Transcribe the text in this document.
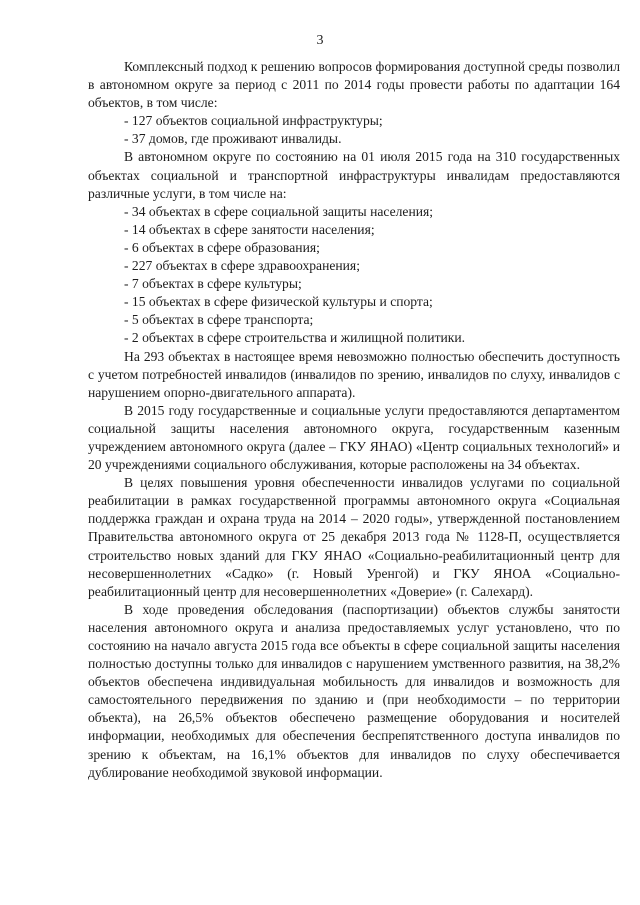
3

Комплексный подход к решению вопросов формирования доступной среды позволил в автономном округе за период с 2011 по 2014 годы провести работы по адаптации 164 объектов, в том числе:

- 127 объектов социальной инфраструктуры;
- 37 домов, где проживают инвалиды.

В автономном округе по состоянию на 01 июля 2015 года на 310 государственных объектах социальной и транспортной инфраструктуры инвалидам предоставляются различные услуги, в том числе на:

- 34 объектах в сфере социальной защиты населения;
- 14 объектах в сфере занятости населения;
- 6 объектах в сфере образования;
- 227 объектах в сфере здравоохранения;
- 7 объектах в сфере культуры;
- 15 объектах в сфере физической культуры и спорта;
- 5 объектах в сфере транспорта;
- 2 объектах в сфере строительства и жилищной политики.

На 293 объектах в настоящее время невозможно полностью обеспечить доступность с учетом потребностей инвалидов (инвалидов по зрению, инвалидов по слуху, инвалидов с нарушением опорно-двигательного аппарата).

В 2015 году государственные и социальные услуги предоставляются департаментом социальной защиты населения автономного округа, государственным казенным учреждением автономного округа (далее – ГКУ ЯНАО) «Центр социальных технологий» и 20 учреждениями социального обслуживания, которые расположены на 34 объектах.

В целях повышения уровня обеспеченности инвалидов услугами по социальной реабилитации в рамках государственной программы автономного округа «Социальная поддержка граждан и охрана труда на 2014 – 2020 годы», утвержденной постановлением Правительства автономного округа от 25 декабря 2013 года № 1128-П, осуществляется строительство новых зданий для ГКУ ЯНАО «Социально-реабилитационный центр для несовершеннолетних «Садко» (г. Новый Уренгой) и ГКУ ЯНОА «Социально-реабилитационный центр для несовершеннолетних «Доверие» (г. Салехард).

В ходе проведения обследования (паспортизации) объектов службы занятости населения автономного округа и анализа предоставляемых услуг установлено, что по состоянию на начало августа 2015 года все объекты в сфере социальной защиты населения полностью доступны только для инвалидов с нарушением умственного развития, на 38,2% объектов обеспечена индивидуальная мобильность для инвалидов и возможность для самостоятельного передвижения по зданию и (при необходимости – по территории объекта), на 26,5% объектов обеспечено размещение оборудования и носителей информации, необходимых для обеспечения беспрепятственного доступа инвалидов по зрению к объектам, на 16,1% объектов для инвалидов по слуху обеспечивается дублирование необходимой звуковой информации.
